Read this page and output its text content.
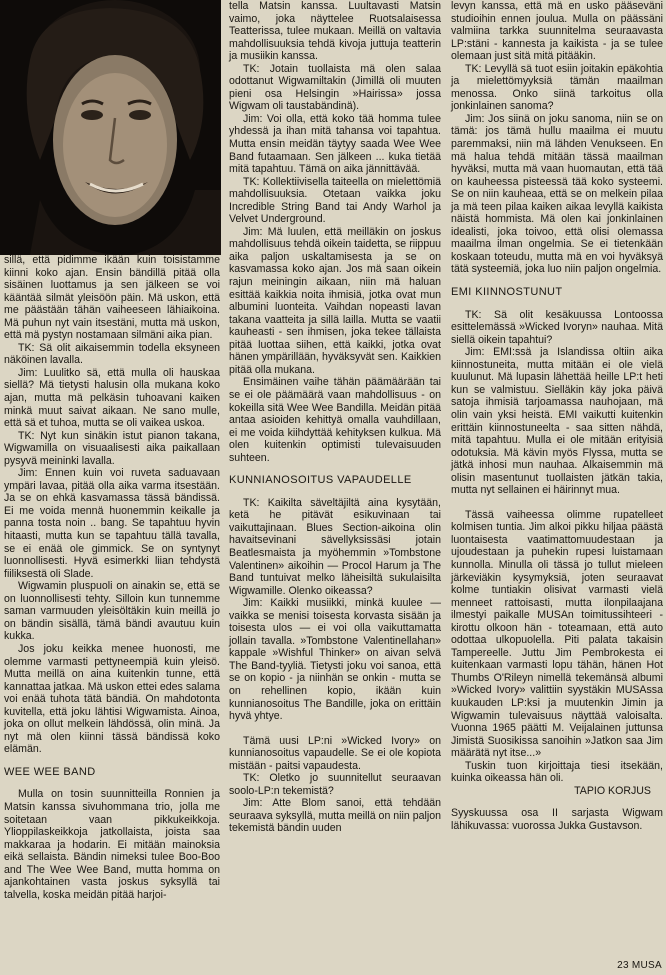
sillä, että pidimme ikään kuin toisistamme kiinni koko ajan. Ensin bändillä pitää olla sisäinen luottamus ja sen jälkeen se voi kääntää silmät yleisöön päin. Mä uskon, että me päästään tähän vaiheeseen lähiaikoina. Mä puhun nyt vain itsestäni, mutta mä uskon, että mä pystyn nostamaan silmäni aika pian.

TK: Sä olit aikaisemmin todella eksyneen näköinen lavalla.

Jim: Luulitko sä, että mulla oli hauskaa siellä? Mä tietysti halusin olla mukana koko ajan, mutta mä pelkäsin tuhoavani kaiken minkä muut saivat aikaan. Ne sano mulle, että sä et tuhoa, mutta se oli vaikea uskoa.

TK: Nyt kun sinäkin istut pianon takana, Wigwamilla on visuaalisesti aika paikallaan pysyvä meininki lavalla.

Jim: Ennen kuin voi ruveta saduavaan ympäri lavaa, pitää olla aika varma itsestään. Ja se on ehkä kasvamassa tässä bändissä. Ei me voida mennä huonemmin keikalle ja panna tosta noin .. bang. Se tapahtuu hyvin hitaasti, mutta kun se tapahtuu tällä tavalla, se ei enää ole gimmick. Se on syntynyt luonnollisesti. Hyvä esimerkki liian tehdystä fiiliksestä oli Slade.

Wigwamin pluspuoli on ainakin se, että se on luonnollisesti tehty. Silloin kun tunnemme saman varmuuden yleisöltäkin kuin meillä jo on bändin sisällä, tämä bändi avautuu kuin kukka.

Jos joku keikka menee huonosti, me olemme varmasti pettyneempiä kuin yleisö. Mutta meillä on aina kuitenkin tunne, että kannattaa jatkaa. Mä uskon ettei edes salama voi enää tuhota tätä bändiä. On mahdotonta kuvitella, että joku lähtisi Wigwamista. Ainoa, joka on ollut melkein lähdössä, olin minä. Ja nyt mä olen kiinni tässä bändissä koko elämän.

WEE WEE BAND

Mulla on tosin suunnitteilla Ronnien ja Matsin kanssa sivuhommana trio, jolla me soitetaan vaan pikkukeikkoja. Ylioppilaskeikkoja jatkollaista, joista saa makkaraa ja hodarin. Ei mitään mainoksia eikä sellaista. Bändin nimeksi tulee Boo-Boo and The Wee Wee Band, mutta homma on ajankohtainen vasta joskus syksyllä tai talvella, koska meidän pitää harjoi-

tella Matsin kanssa. Luultavasti Matsin vaimo, joka näyttelee Ruotsalaisessa Teatterissa, tulee mukaan. Meillä on valtavia mahdollisuuksia tehdä kivoja juttuja teatterin ja musiikin kanssa.

TK: Jotain tuollaista mä olen salaa odottanut Wigwamiltakin (Jimillä oli muuten pieni osa Helsingin »Hairissa» jossa Wigwam oli taustabändinä).

Jim: Voi olla, että koko tää homma tulee yhdessä ja ihan mitä tahansa voi tapahtua. Mutta ensin meidän täytyy saada Wee Wee Band futaamaan. Sen jälkeen ... kuka tietää mitä tapahtuu. Tämä on aika jännittävää.

TK: Kollektiivisella taiteella on mielettömiä mahdollisuuksia. Otetaan vaikka joku Incredible String Band tai Andy Warhol ja Velvet Underground.

Jim: Mä luulen, että meilläkin on joskus mahdollisuus tehdä oikein taidetta, se riippuu aika paljon uskaltamisesta ja se on kasvamassa koko ajan. Jos mä saan oikein rajun meiningin aikaan, niin mä haluan esittää kaikkia noita ihmisiä, jotka ovat mun albumini luonteita. Vaihdan nopeasti lavan takana vaatteita ja sillä lailla. Mutta se vaatii kauheasti - sen ihmisen, joka tekee tällaista pitää luottaa siihen, että kaikki, jotka ovat hänen ympärillään, hyväksyvät sen. Kaikkien pitää olla mukana.

Ensimäinen vaihe tähän päämäärään tai se ei ole päämäärä vaan mahdollisuus - on kokeilla sitä Wee Wee Bandilla. Meidän pitää antaa asioiden kehittyä omalla vauhdillaan, ei me voida kiihdyttää kehityksen kulkua. Mä olen kuitenkin optimisti tulevaisuuden suhteen.

KUNNIANOSOITUS VAPAUDELLE

TK: Kaikilta säveltäjiltä aina kysytään, ketä he pitävät esikuvinaan tai vaikuttajinaan. Blues Section-aikoina olin havaitsevinani sävellyksissäsi jotain Beatlesmaista ja myöhemmin »Tombstone Valentinen» aikoihin — Procol Harum ja The Band tuntuivat melko läheisiltä sukulaisilta Wigwamille. Olenko oikeassa?

Jim: Kaikki musiikki, minkä kuulee — vaikka se menisi toisesta korvasta sisään ja toisesta ulos — ei voi olla vaikuttamatta jollain tavalla. »Tombstone Valentinellahan» kappale »Wishful Thinker» on aivan selvä The Band-tyyliä. Tietysti joku voi sanoa, että se on kopio - ja niinhän se onkin - mutta se on rehellinen kopio, ikään kuin kunnianosoitus The Bandille, joka on erittäin hyvä yhtye.

Tämä uusi LP:ni »Wicked Ivory» on kunnianosoitus vapaudelle. Se ei ole kopiota mistään - paitsi vapaudesta.

TK: Oletko jo suunnitellut seuraavan soolo-LP:n tekemistä?

Jim: Atte Blom sanoi, että tehdään seuraava syksyllä, mutta meillä on niin paljon tekemistä bändin uuden

levyn kanssa, että mä en usko pääseväni studioihin ennen joulua. Mulla on päässäni valmiina tarkka suunnitelma seuraavasta LP:stäni - kannesta ja kaikista - ja se tulee olemaan just sitä mitä pitääkin.

TK: Levyllä sä tuot esiin joitakin epäkohtia ja mielettömyyksiä tämän maailman menossa. Onko siinä tarkoitus olla jonkinlainen sanoma?

Jim: Jos siinä on joku sanoma, niin se on tämä: jos tämä hullu maailma ei muutu paremmaksi, niin mä lähden Venukseen. En mä halua tehdä mitään tässä maailman hyväksi, mutta mä vaan huomautan, että tää on kauheessa pisteessä tää koko systeemi. Se on niin kauheaa, että se on melkein pilaa ja mä teen pilaa kaiken aikaa levyllä kaikista näistä hommista. Mä olen kai jonkinlainen idealisti, joka toivoo, että olisi olemassa maailma ilman ongelmia. Se ei tietenkään koskaan toteudu, mutta mä en voi hyväksyä tätä systeemiä, joka luo niin paljon ongelmia.

EMI KIINNOSTUNUT

TK: Sä olit kesäkuussa Lontoossa esittelemässä »Wicked Ivoryn» nauhaa. Mitä siellä oikein tapahtui?

Jim: EMI:ssä ja Islandissa oltiin aika kiinnostuneita, mutta mitään ei ole vielä kuulunut. Mä lupasin lähettää heille LP:t heti kun se valmistuu. Sielläkin käy joka päivä satoja ihmisiä tarjoamassa nauhojaan, mä olin vain yksi heistä. EMI vaikutti kuitenkin erittäin kiinnostuneelta - saa sitten nähdä, mitä tapahtuu. Mulla ei ole mitään erityisiä odotuksia. Mä kävin myös Flyssa, mutta se jätkä inhosi mun nauhaa. Alkaisemmin mä olisin masentunut tuollaisten jätkän takia, mutta nyt sellainen ei häirinnyt mua.

Tässä vaiheessa olimme rupatelleet kolmisen tuntia. Jim alkoi pikku hiljaa päästä luontaisesta vaatimattomuudestaan ja ujoudestaan ja puhekin rupesi luistamaan kunnolla. Minulla oli tässä jo tullut mieleen järkeviäkin kysymyksiä, joten seuraavat kolme tuntiakin olisivat varmasti vielä menneet rattoisasti, mutta ilonpilaajana ilmestyi paikalle MUSAn toimitussihteeri - kirottu olkoon hän - toteamaan, että auto odottaa ulkopuolella. Piti palata takaisin Tampereelle. Juttu Jim Pembrokesta ei kuitenkaan varmasti lopu tähän, hänen Hot Thumbs O'Rileyn nimellä tekemänsä albumi »Wicked Ivory» valittiin syystäkin MUSAssa kuukauden LP:ksi ja muutenkin Jimin ja Wigwamin tulevaisuus näyttää valoisalta. Vuonna 1965 päätti M. Veijalainen juttunsa Jimistä Suosikissa sanoihin »Jatkon saa Jim määrätä nyt itse...»

Tuskin tuon kirjoittaja tiesi itsekään, kuinka oikeassa hän oli.

TAPIO KORJUS

Syyskuussa osa II sarjasta Wigwam lähikuvassa: vuorossa Jukka Gustavson.

23 MUSA
